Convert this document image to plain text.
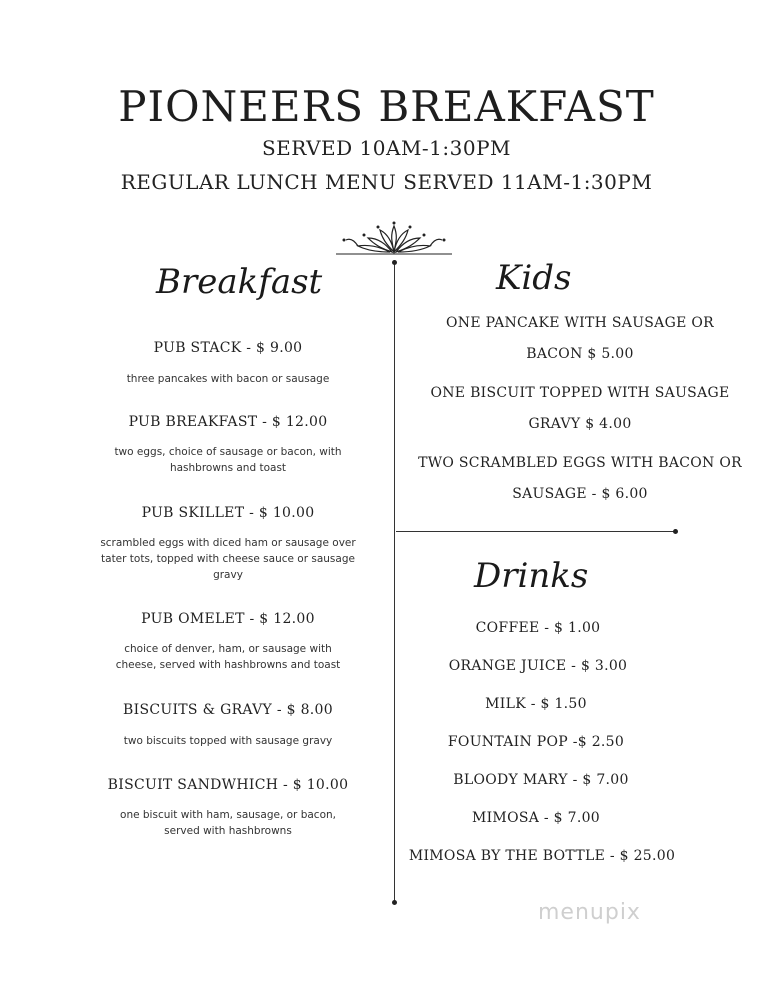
PIONEERS BREAKFAST
SERVED 10AM-1:30PM
REGULAR LUNCH MENU SERVED 11AM-1:30PM
Breakfast
PUB STACK - $ 9.00
three pancakes with bacon or sausage
PUB BREAKFAST - $ 12.00
two eggs, choice of sausage or bacon, with hashbrowns and toast
PUB SKILLET - $ 10.00
scrambled eggs with diced ham or sausage over tater tots, topped with cheese sauce or sausage gravy
PUB OMELET - $ 12.00
choice of denver, ham, or sausage with cheese, served with hashbrowns and toast
BISCUITS & GRAVY - $ 8.00
two biscuits topped with sausage gravy
BISCUIT SANDWHICH - $ 10.00
one biscuit with ham, sausage, or bacon, served with hashbrowns
Kids
ONE PANCAKE WITH SAUSAGE OR
BACON $ 5.00
ONE BISCUIT TOPPED WITH SAUSAGE
GRAVY $ 4.00
TWO SCRAMBLED EGGS WITH BACON OR
SAUSAGE - $ 6.00
Drinks
COFFEE - $ 1.00
ORANGE JUICE - $ 3.00
MILK - $ 1.50
FOUNTAIN POP -$ 2.50
BLOODY MARY - $ 7.00
MIMOSA - $ 7.00
MIMOSA BY THE BOTTLE - $ 25.00
menupix
